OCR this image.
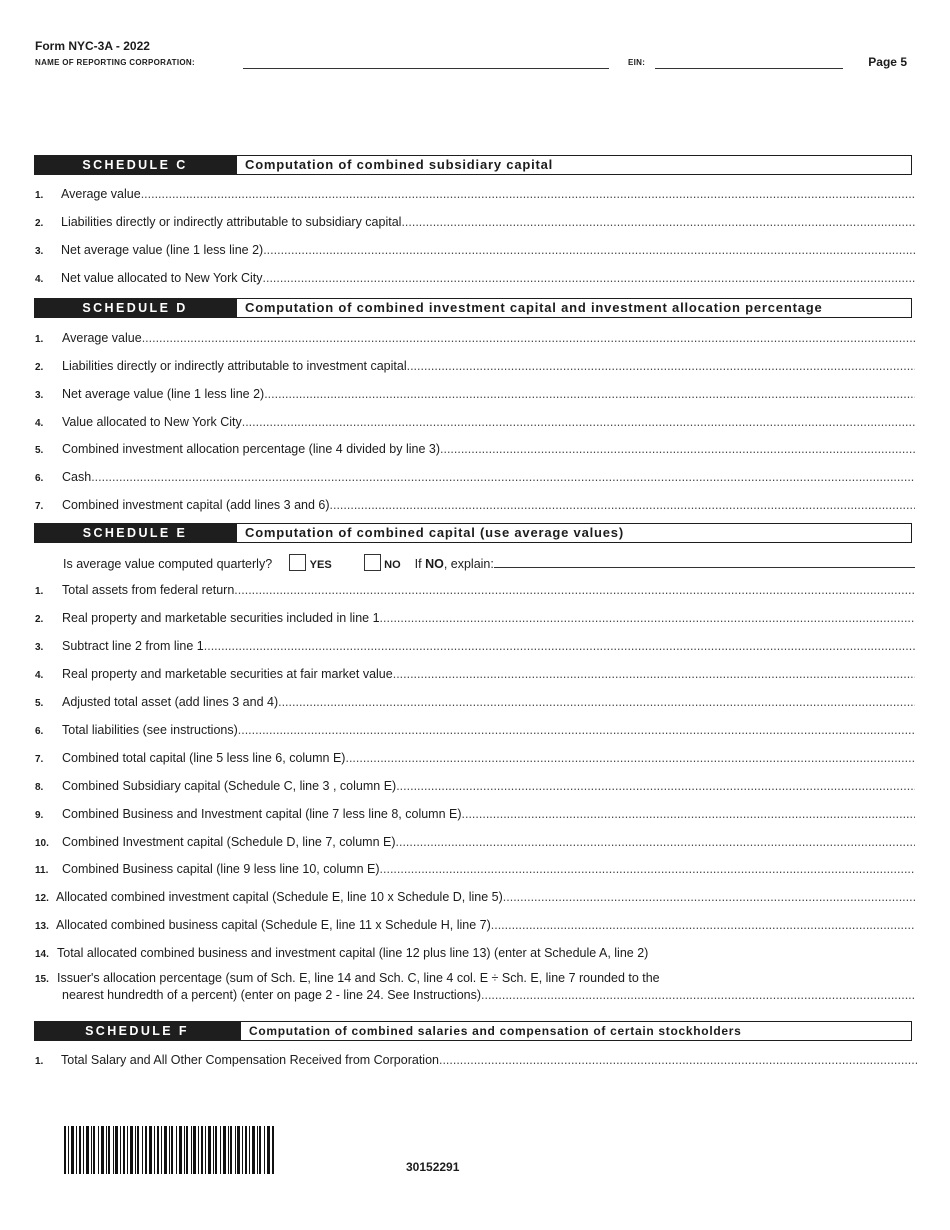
Form NYC-3A - 2022
NAME OF REPORTING CORPORATION:	EIN:	Page 5
SCHEDULE C	Computation of combined subsidiary capital
1.	Average value
.....
2.	Liabilities directly or indirectly attributable to subsidiary capital
.....
3.	Net average value (line 1 less line 2)
.....
4.	Net value allocated to New York City
.....
SCHEDULE D	Computation of combined investment capital and investment allocation percentage
1.	Average value
.....
2.	Liabilities directly or indirectly attributable to investment capital
.....
3.	Net average value (line 1 less line 2)
.....
4.	Value allocated to New York City
.....
5.	Combined investment allocation percentage (line 4 divided by line 3)
.....
6.	Cash
.....
7.	Combined investment capital (add lines 3 and 6)
.....
SCHEDULE E	Computation of combined capital (use average values)
Is average value computed quarterly?	YES	NO If NO, explain:
1.	Total assets from federal return
.....
2.	Real property and marketable securities included in line 1
.....
3.	Subtract line 2 from line 1
.....
4.	Real property and marketable securities at fair market value
.....
5.	Adjusted total asset (add lines 3 and 4)
.....
6.	Total liabilities (see instructions)
.....
7.	Combined total capital (line 5 less line 6, column E)
.....
8.	Combined Subsidiary capital (Schedule C, line 3 , column E)
.....
9.	Combined Business and Investment capital (line 7 less line 8, column E)
.....
10.	Combined Investment capital (Schedule D, line 7, column E)
.....
11.	Combined Business capital (line 9 less line 10, column E)
.....
12. Allocated combined investment capital (Schedule E, line 10 x Schedule D, line 5)
.....
13. Allocated combined business capital (Schedule E, line 11 x Schedule H, line 7)
.....
14. Total allocated combined business and investment capital (line 12 plus line 13) (enter at Schedule A, line 2)
15. Issuer's allocation percentage (sum of Sch. E, line 14 and Sch. C, line 4 col. E ÷ Sch. E, line 7 rounded to the
nearest hundredth of a percent) (enter on page 2 - line 24. See Instructions)
.....
SCHEDULE F	Computation of combined salaries and compensation of certain stockholders
1.	Total Salary and All Other Compensation Received from Corporation
.....
30152291
